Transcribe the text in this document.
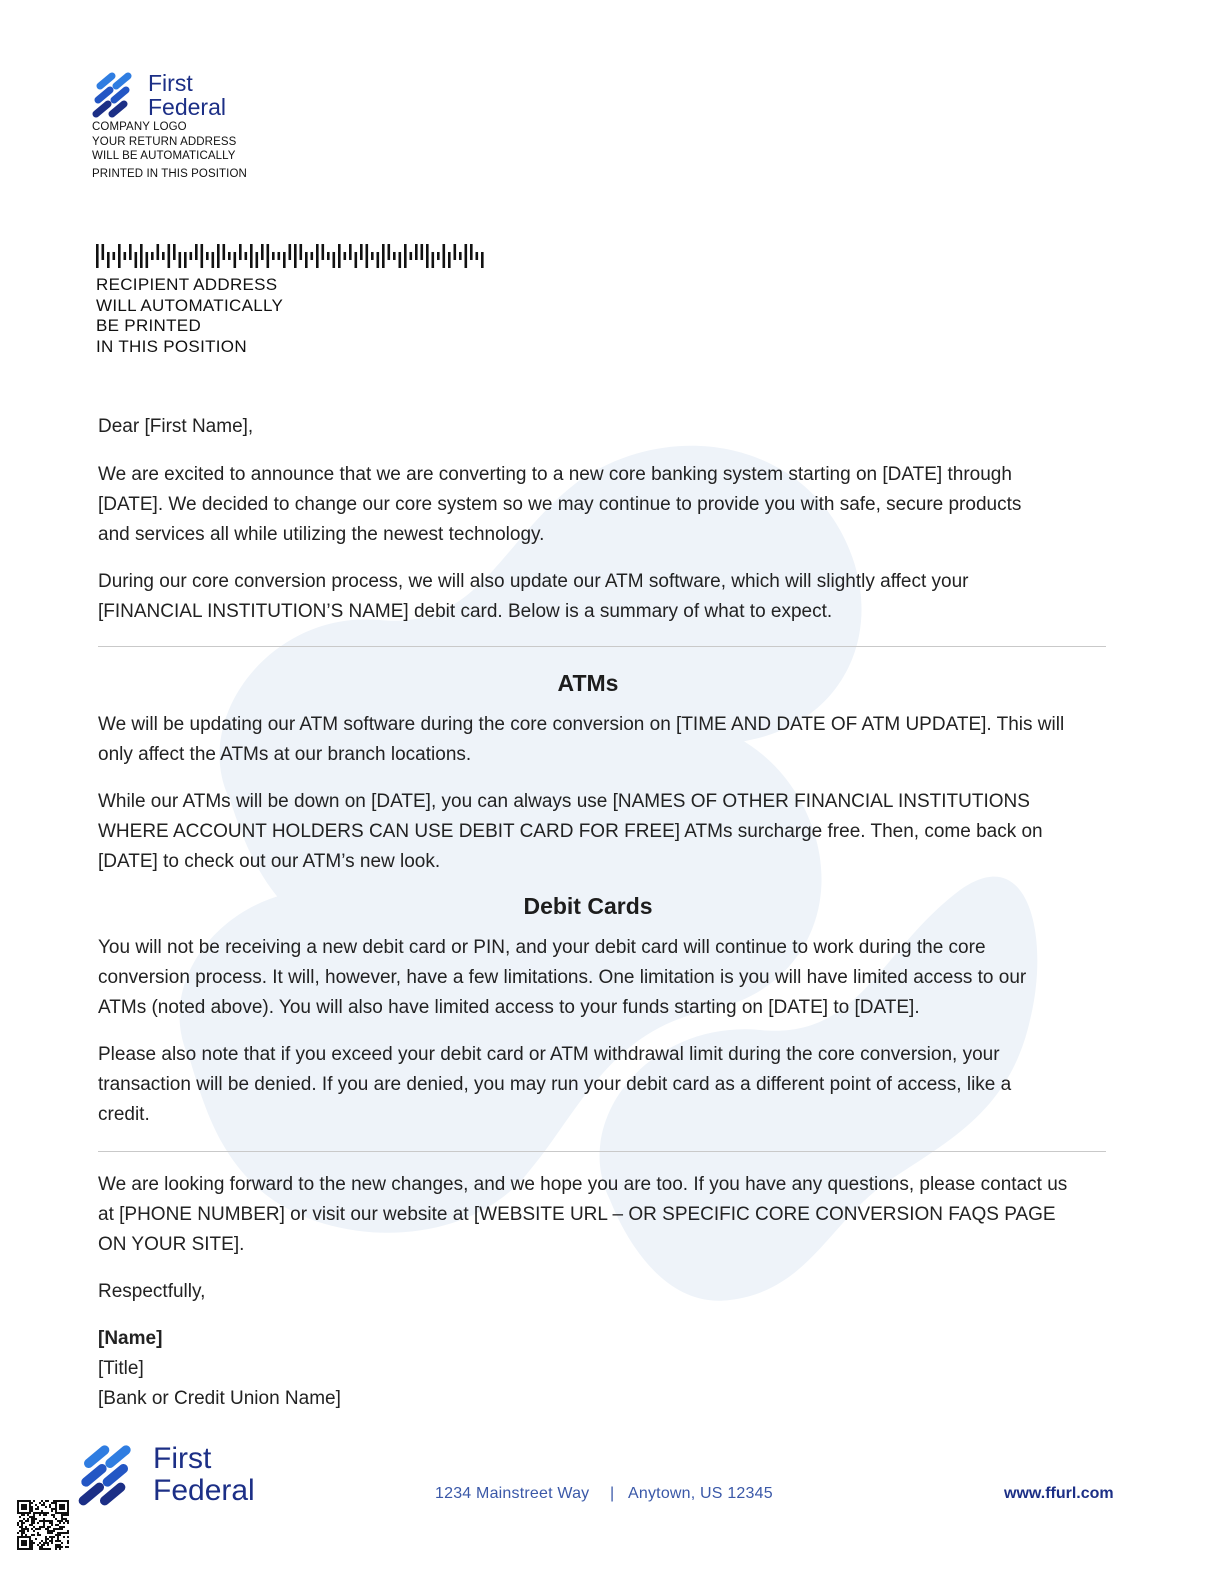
First
Federal
COMPANY LOGO
YOUR RETURN ADDRESS
WILL BE AUTOMATICALLY
PRINTED IN THIS POSITION
RECIPIENT ADDRESS
WILL AUTOMATICALLY
BE PRINTED
IN THIS POSITION
Dear [First Name],
We are excited to announce that we are converting to a new core banking system starting on [DATE] through [DATE]. We decided to change our core system so we may continue to provide you with safe, secure products and services all while utilizing the newest technology.
During our core conversion process, we will also update our ATM software, which will slightly affect your [FINANCIAL INSTITUTION’S NAME] debit card. Below is a summary of what to expect.
ATMs
We will be updating our ATM software during the core conversion on [TIME AND DATE OF ATM UPDATE]. This will only affect the ATMs at our branch locations.
While our ATMs will be down on [DATE], you can always use [NAMES OF OTHER FINANCIAL INSTITUTIONS WHERE ACCOUNT HOLDERS CAN USE DEBIT CARD FOR FREE] ATMs surcharge free. Then, come back on [DATE] to check out our ATM’s new look.
Debit Cards
You will not be receiving a new debit card or PIN, and your debit card will continue to work during the core conversion process. It will, however, have a few limitations. One limitation is you will have limited access to our ATMs (noted above). You will also have limited access to your funds starting on [DATE] to [DATE].
Please also note that if you exceed your debit card or ATM withdrawal limit during the core conversion, your transaction will be denied. If you are denied, you may run your debit card as a different point of access, like a credit.
We are looking forward to the new changes, and we hope you are too. If you have any questions, please contact us at [PHONE NUMBER] or visit our website at [WEBSITE URL – OR SPECIFIC CORE CONVERSION FAQS PAGE ON YOUR SITE].
Respectfully,
[Name]
[Title]
[Bank or Credit Union Name]
First
Federal	1234 Mainstreet Way | Anytown, US 12345	www.ffurl.com
